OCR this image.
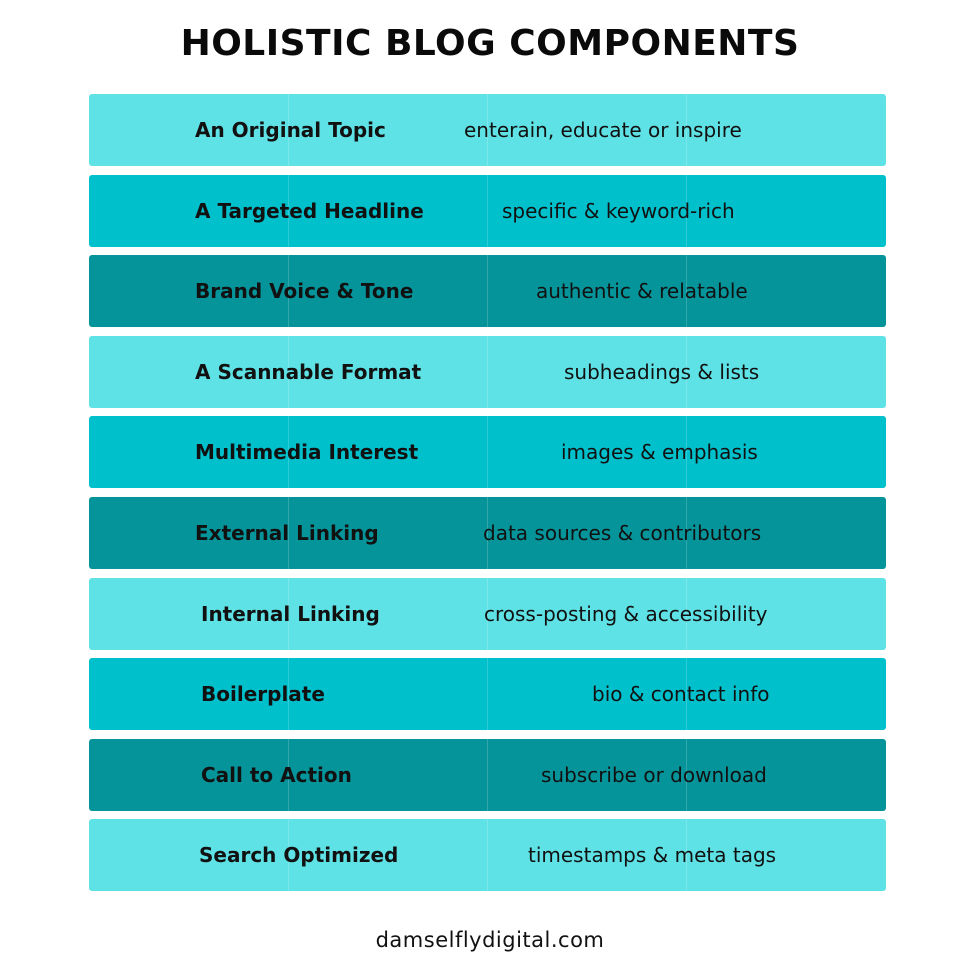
HOLISTIC BLOG COMPONENTS
An Original Topic	enterain, educate or inspire
A Targeted Headline	specific & keyword-rich
Brand Voice & Tone	authentic & relatable
A Scannable Format	subheadings & lists
Multimedia Interest	images & emphasis
External Linking	data sources & contributors
Internal Linking	cross-posting & accessibility
Boilerplate	bio & contact info
Call to Action	subscribe or download
Search Optimized	timestamps & meta tags
damselflydigital.com
